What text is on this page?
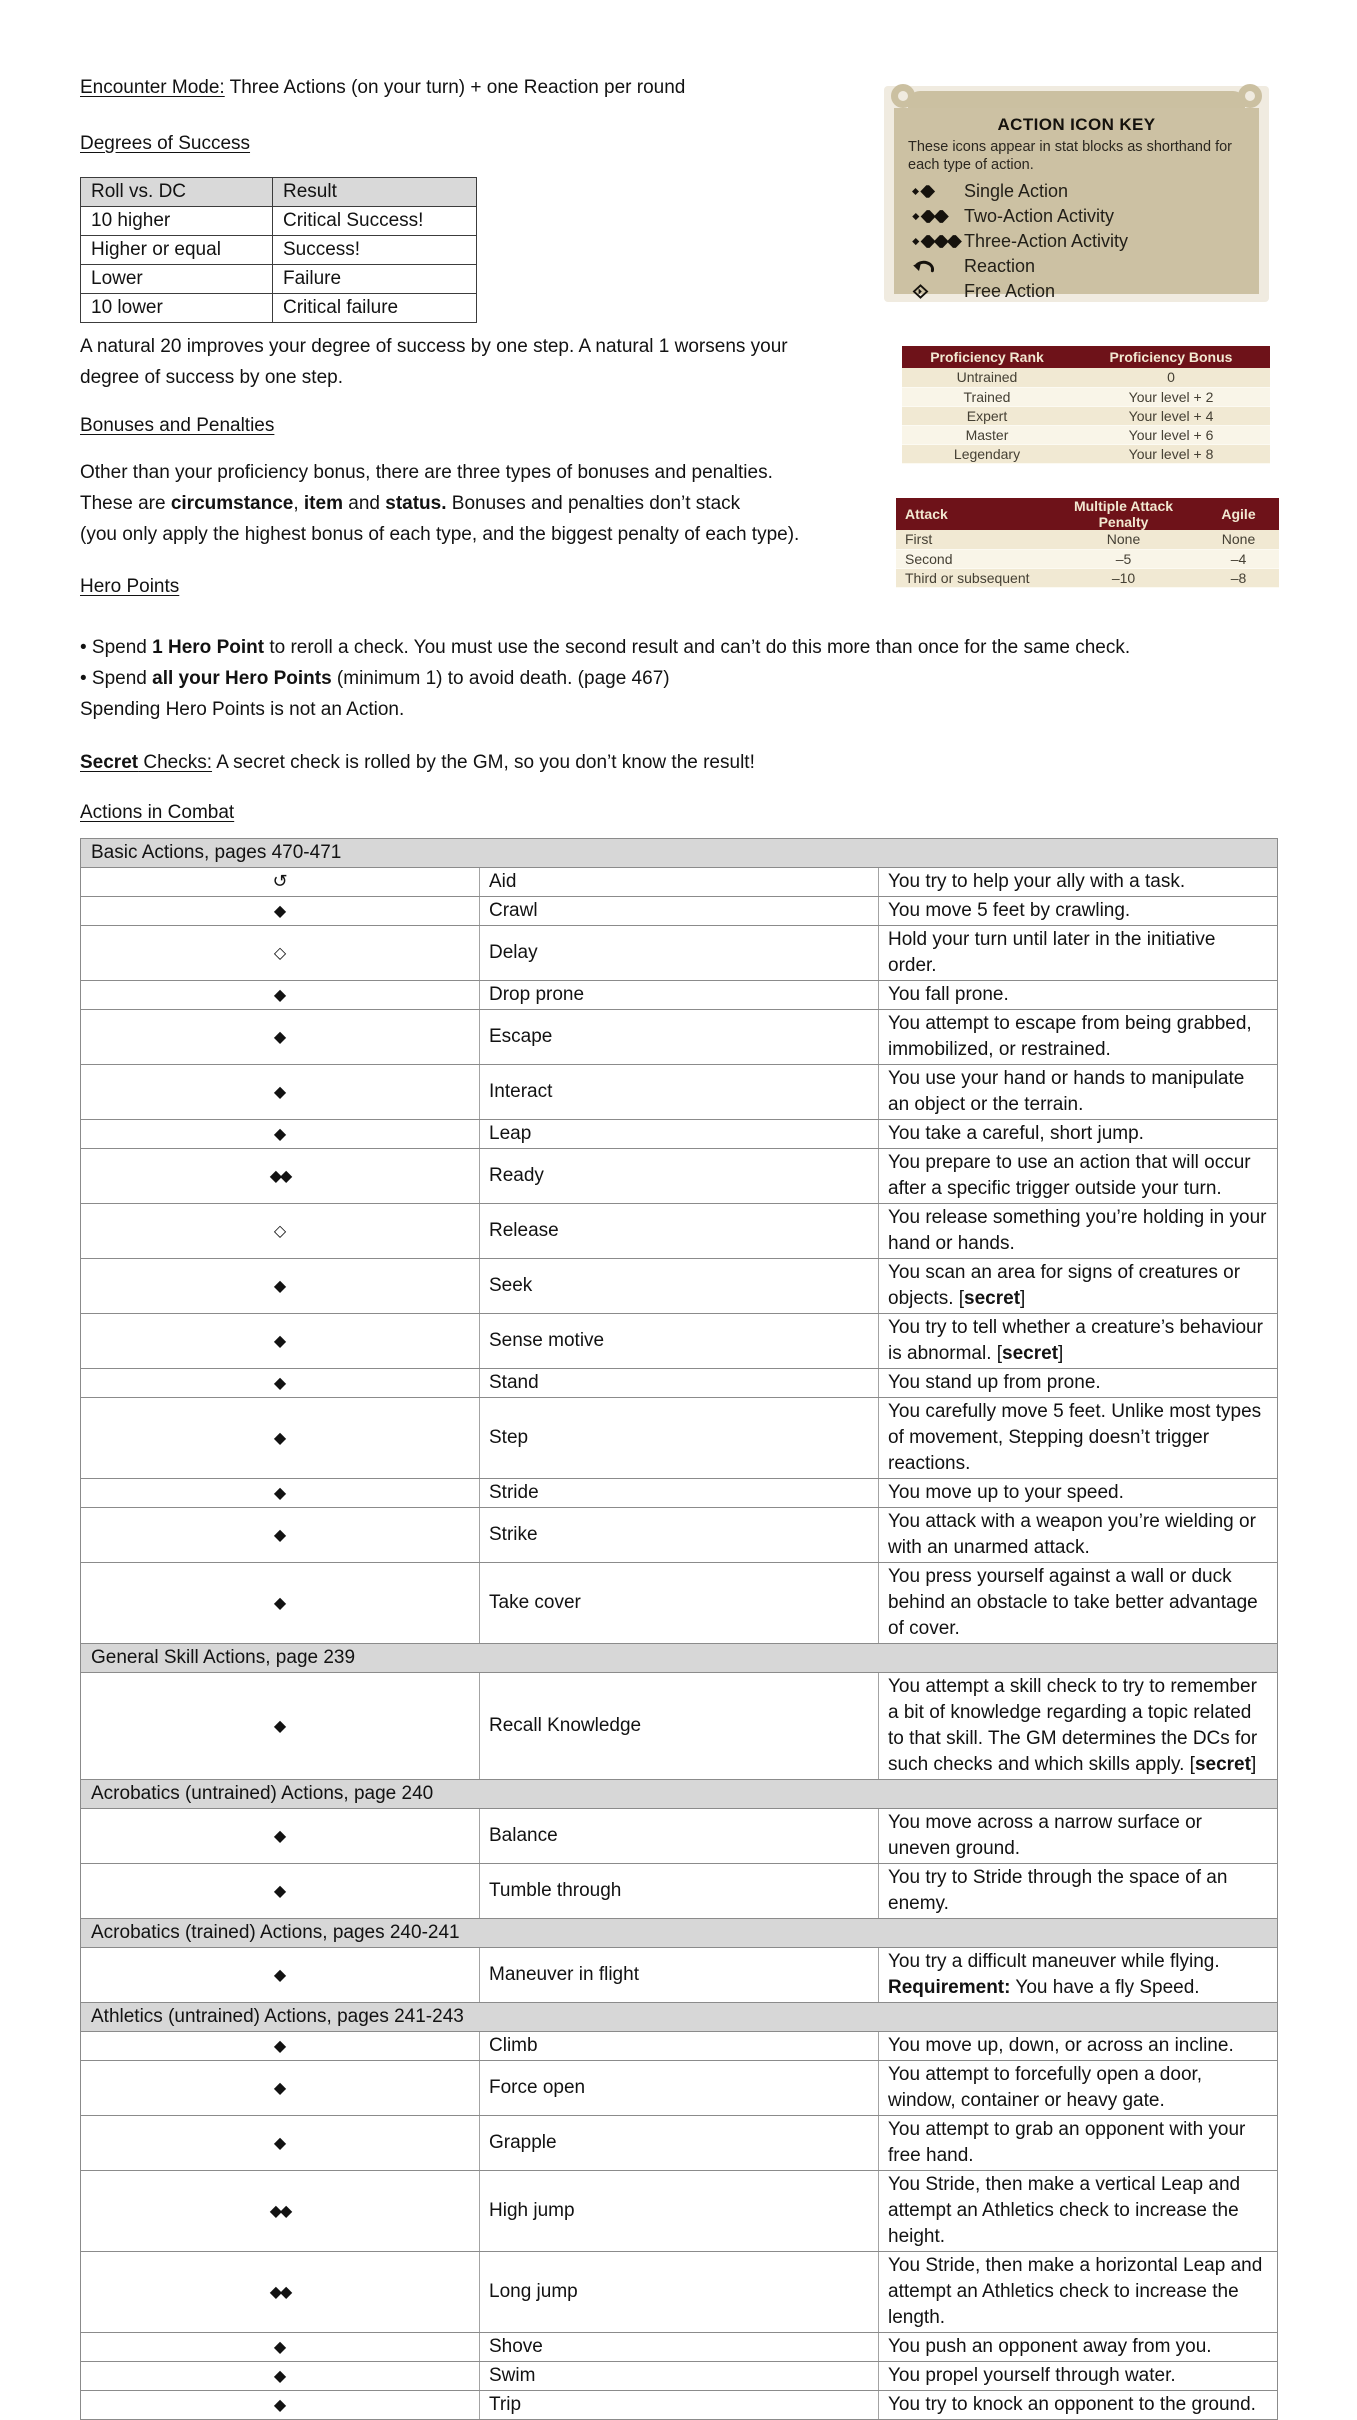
Encounter Mode: Three Actions (on your turn) + one Reaction per round

Degrees of Success
Roll vs. DC	Result
10 higher	Critical Success!
Higher or equal	Success!
Lower	Failure
10 lower	Critical failure

A natural 20 improves your degree of success by one step. A natural 1 worsens your
degree of success by one step.

Bonuses and Penalties

Other than your proficiency bonus, there are three types of bonuses and penalties.
These are circumstance, item and status. Bonuses and penalties don’t stack
(you only apply the highest bonus of each type, and the biggest penalty of each type).

Hero Points

• Spend 1 Hero Point to reroll a check. You must use the second result and can’t do this more than once for the same check.

• Spend all your Hero Points (minimum 1) to avoid death. (page 467)

Spending Hero Points is not an Action.

Secret Checks: A secret check is rolled by the GM, so you don’t know the result!

Actions in Combat
Basic Actions, pages 470-471		
↺	Aid	You try to help your ally with a task.
◆	Crawl	You move 5 feet by crawling.
◇	Delay	Hold your turn until later in the initiative order.
◆	Drop prone	You fall prone.
◆	Escape	You attempt to escape from being grabbed, immobilized, or restrained.
◆	Interact	You use your hand or hands to manipulate an object or the terrain.
◆	Leap	You take a careful, short jump.
◆◆	Ready	You prepare to use an action that will occur after a specific trigger outside your turn.
◇	Release	You release something you’re holding in your hand or hands.
◆	Seek	You scan an area for signs of creatures or objects. [secret]
◆	Sense motive	You try to tell whether a creature’s behaviour is abnormal. [secret]
◆	Stand	You stand up from prone.
◆	Step	You carefully move 5 feet. Unlike most types of movement, Stepping doesn’t trigger reactions.
◆	Stride	You move up to your speed.
◆	Strike	You attack with a weapon you’re wielding or with an unarmed attack.
◆	Take cover	You press yourself against a wall or duck behind an obstacle to take better advantage of cover.
General Skill Actions, page 239		
◆	Recall Knowledge	You attempt a skill check to try to remember a bit of knowledge regarding a topic related to that skill. The GM determines the DCs for such checks and which skills apply. [secret]
Acrobatics (untrained) Actions, page 240		
◆	Balance	You move across a narrow surface or uneven ground.
◆	Tumble through	You try to Stride through the space of an enemy.
Acrobatics (trained) Actions, pages 240-241		
◆	Maneuver in flight	You try a difficult maneuver while flying. Requirement: You have a fly Speed.
Athletics (untrained) Actions, pages 241-243		
◆	Climb	You move up, down, or across an incline.
◆	Force open	You attempt to forcefully open a door, window, container or heavy gate.
◆	Grapple	You attempt to grab an opponent with your free hand.
◆◆	High jump	You Stride, then make a vertical Leap and attempt an Athletics check to increase the height.
◆◆	Long jump	You Stride, then make a horizontal Leap and attempt an Athletics check to increase the length.
◆	Shove	You push an opponent away from you.
◆	Swim	You propel yourself through water.
◆	Trip	You try to knock an opponent to the ground.
ACTION ICON KEY
These icons appear in stat blocks as shorthand for each type of action.
Single Action
Two-Action Activity
Three-Action Activity
Reaction
Free Action
Proficiency Rank	Proficiency Bonus
Untrained	0
Trained	Your level + 2
Expert	Your level + 4
Master	Your level + 6
Legendary	Your level + 8
Attack	Multiple Attack Penalty	Agile
First	None	None
Second	–5	–4
Third or subsequent	–10	–8
